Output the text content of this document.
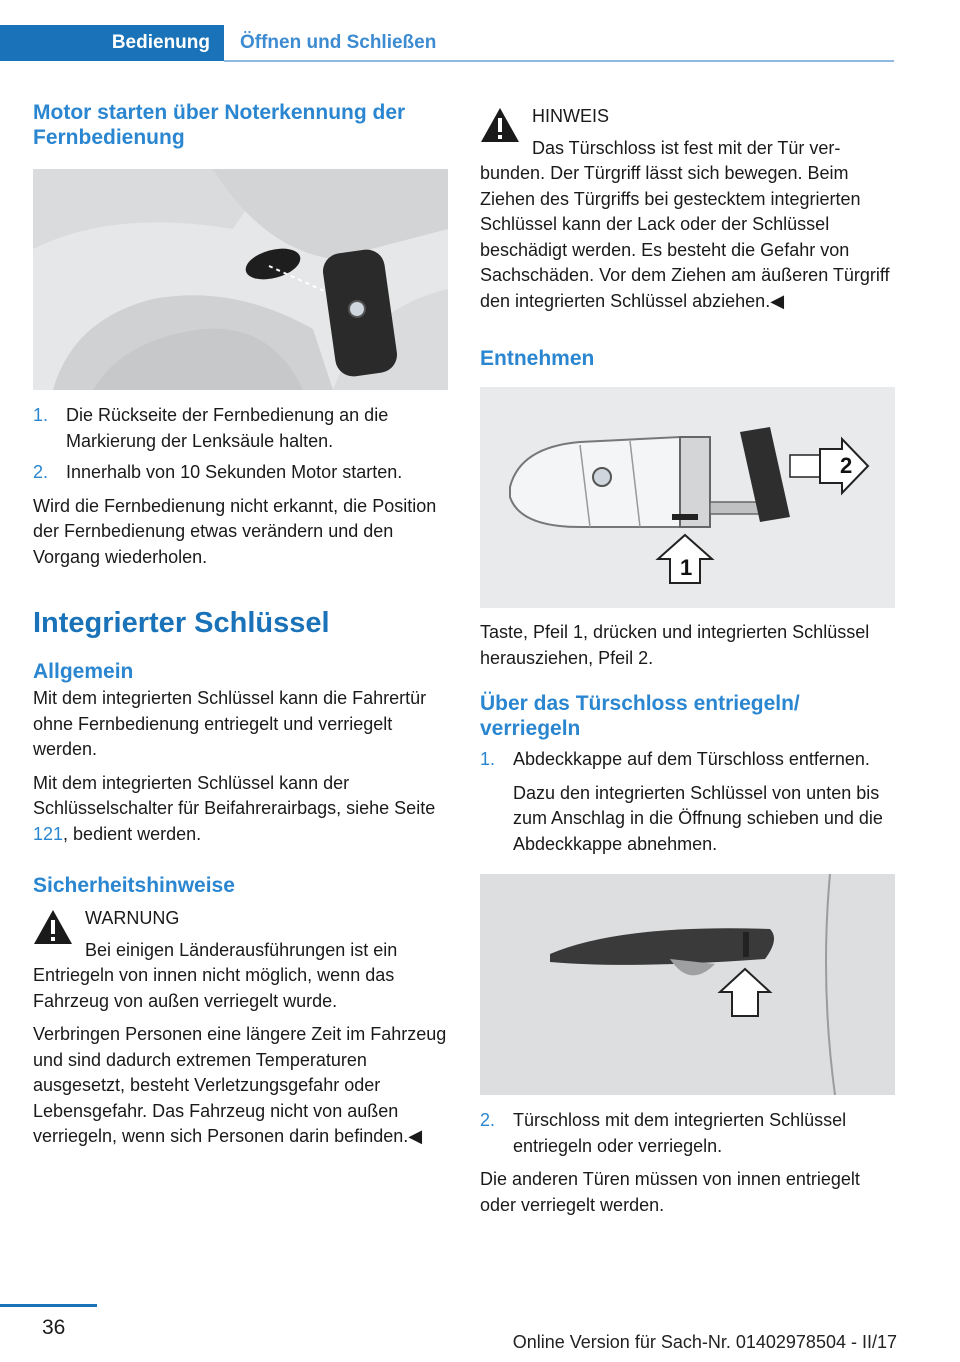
Bedienung	Öffnen und Schließen
Motor starten über Noterkennung der Fernbedienung
1. Die Rückseite der Fernbedienung an die Markierung der Lenksäule halten.
2. Innerhalb von 10 Sekunden Motor starten.

Wird die Fernbedienung nicht erkannt, die Position der Fernbedienung etwas verändern und den Vorgang wiederholen.

Integrierter Schlüssel
Allgemein

Mit dem integrierten Schlüssel kann die Fahrertür ohne Fernbedienung entriegelt und verriegelt werden.

Mit dem integrierten Schlüssel kann der Schlüsselschalter für Beifahrerairbags, siehe Seite 121, bedient werden.

Sicherheitshinweise
WARNUNG

Bei einigen Länderausführungen ist ein Entriegeln von innen nicht möglich, wenn das Fahrzeug von außen verriegelt wurde.

Verbringen Personen eine längere Zeit im Fahrzeug und sind dadurch extremen Temperaturen ausgesetzt, besteht Verletzungsgefahr oder Lebensgefahr. Das Fahrzeug nicht von außen verriegeln, wenn sich Personen darin befinden.◀

HINWEIS

Das Türschloss ist fest mit der Tür verbunden. Der Türgriff lässt sich bewegen. Beim Ziehen des Türgriffs bei gestecktem integrierten Schlüssel kann der Lack oder der Schlüssel beschädigt werden. Es besteht die Gefahr von Sachschäden. Vor dem Ziehen am äußeren Türgriff den integrierten Schlüssel abziehen.◀

Entnehmen
2
1

Taste, Pfeil 1, drücken und integrierten Schlüssel herausziehen, Pfeil 2.

Über das Türschloss entriegeln/ verriegeln
1. Abdeckkappe auf dem Türschloss entfernen.

Dazu den integrierten Schlüssel von unten bis zum Anschlag in die Öffnung schieben und die Abdeckkappe abnehmen.

2. Türschloss mit dem integrierten Schlüssel entriegeln oder verriegeln.

Die anderen Türen müssen von innen entriegelt oder verriegelt werden.

36
Online Version für Sach-Nr. 01402978504 - II/17
